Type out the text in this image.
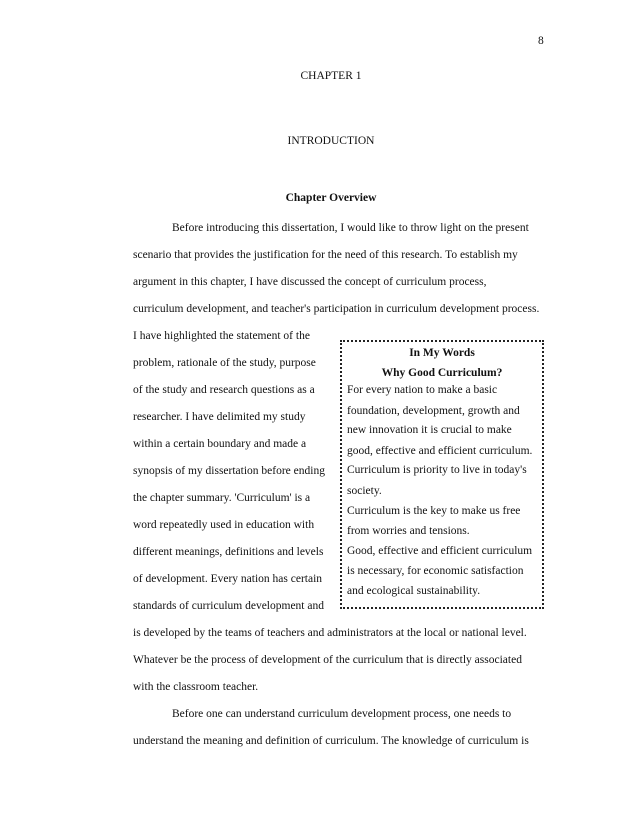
8
CHAPTER 1
INTRODUCTION
Chapter Overview
Before introducing this dissertation, I would like to throw light on the present
scenario that provides the justification for the need of this research. To establish my
argument in this chapter, I have discussed the concept of curriculum process,
curriculum development, and teacher's participation in curriculum development process.
I have highlighted the statement of the
problem, rationale of the study, purpose
of the study and research questions as a
researcher. I have delimited my study
within a certain boundary and made a
synopsis of my dissertation before ending
the chapter summary. 'Curriculum' is a
word repeatedly used in education with
different meanings, definitions and levels
of development. Every nation has certain
standards of curriculum development and
is developed by the teams of teachers and administrators at the local or national level.
Whatever be the process of development of the curriculum that is directly associated
with the classroom teacher.
Before one can understand curriculum development process, one needs to
understand the meaning and definition of curriculum. The knowledge of curriculum is
In My Words
Why Good Curriculum?
For every nation to make a basic
foundation, development, growth and
new innovation it is crucial to make
good, effective and efficient curriculum.
Curriculum is priority to live in today's
society.
Curriculum is the key to make us free
from worries and tensions.
Good, effective and efficient curriculum
is necessary, for economic satisfaction
and ecological sustainability.
